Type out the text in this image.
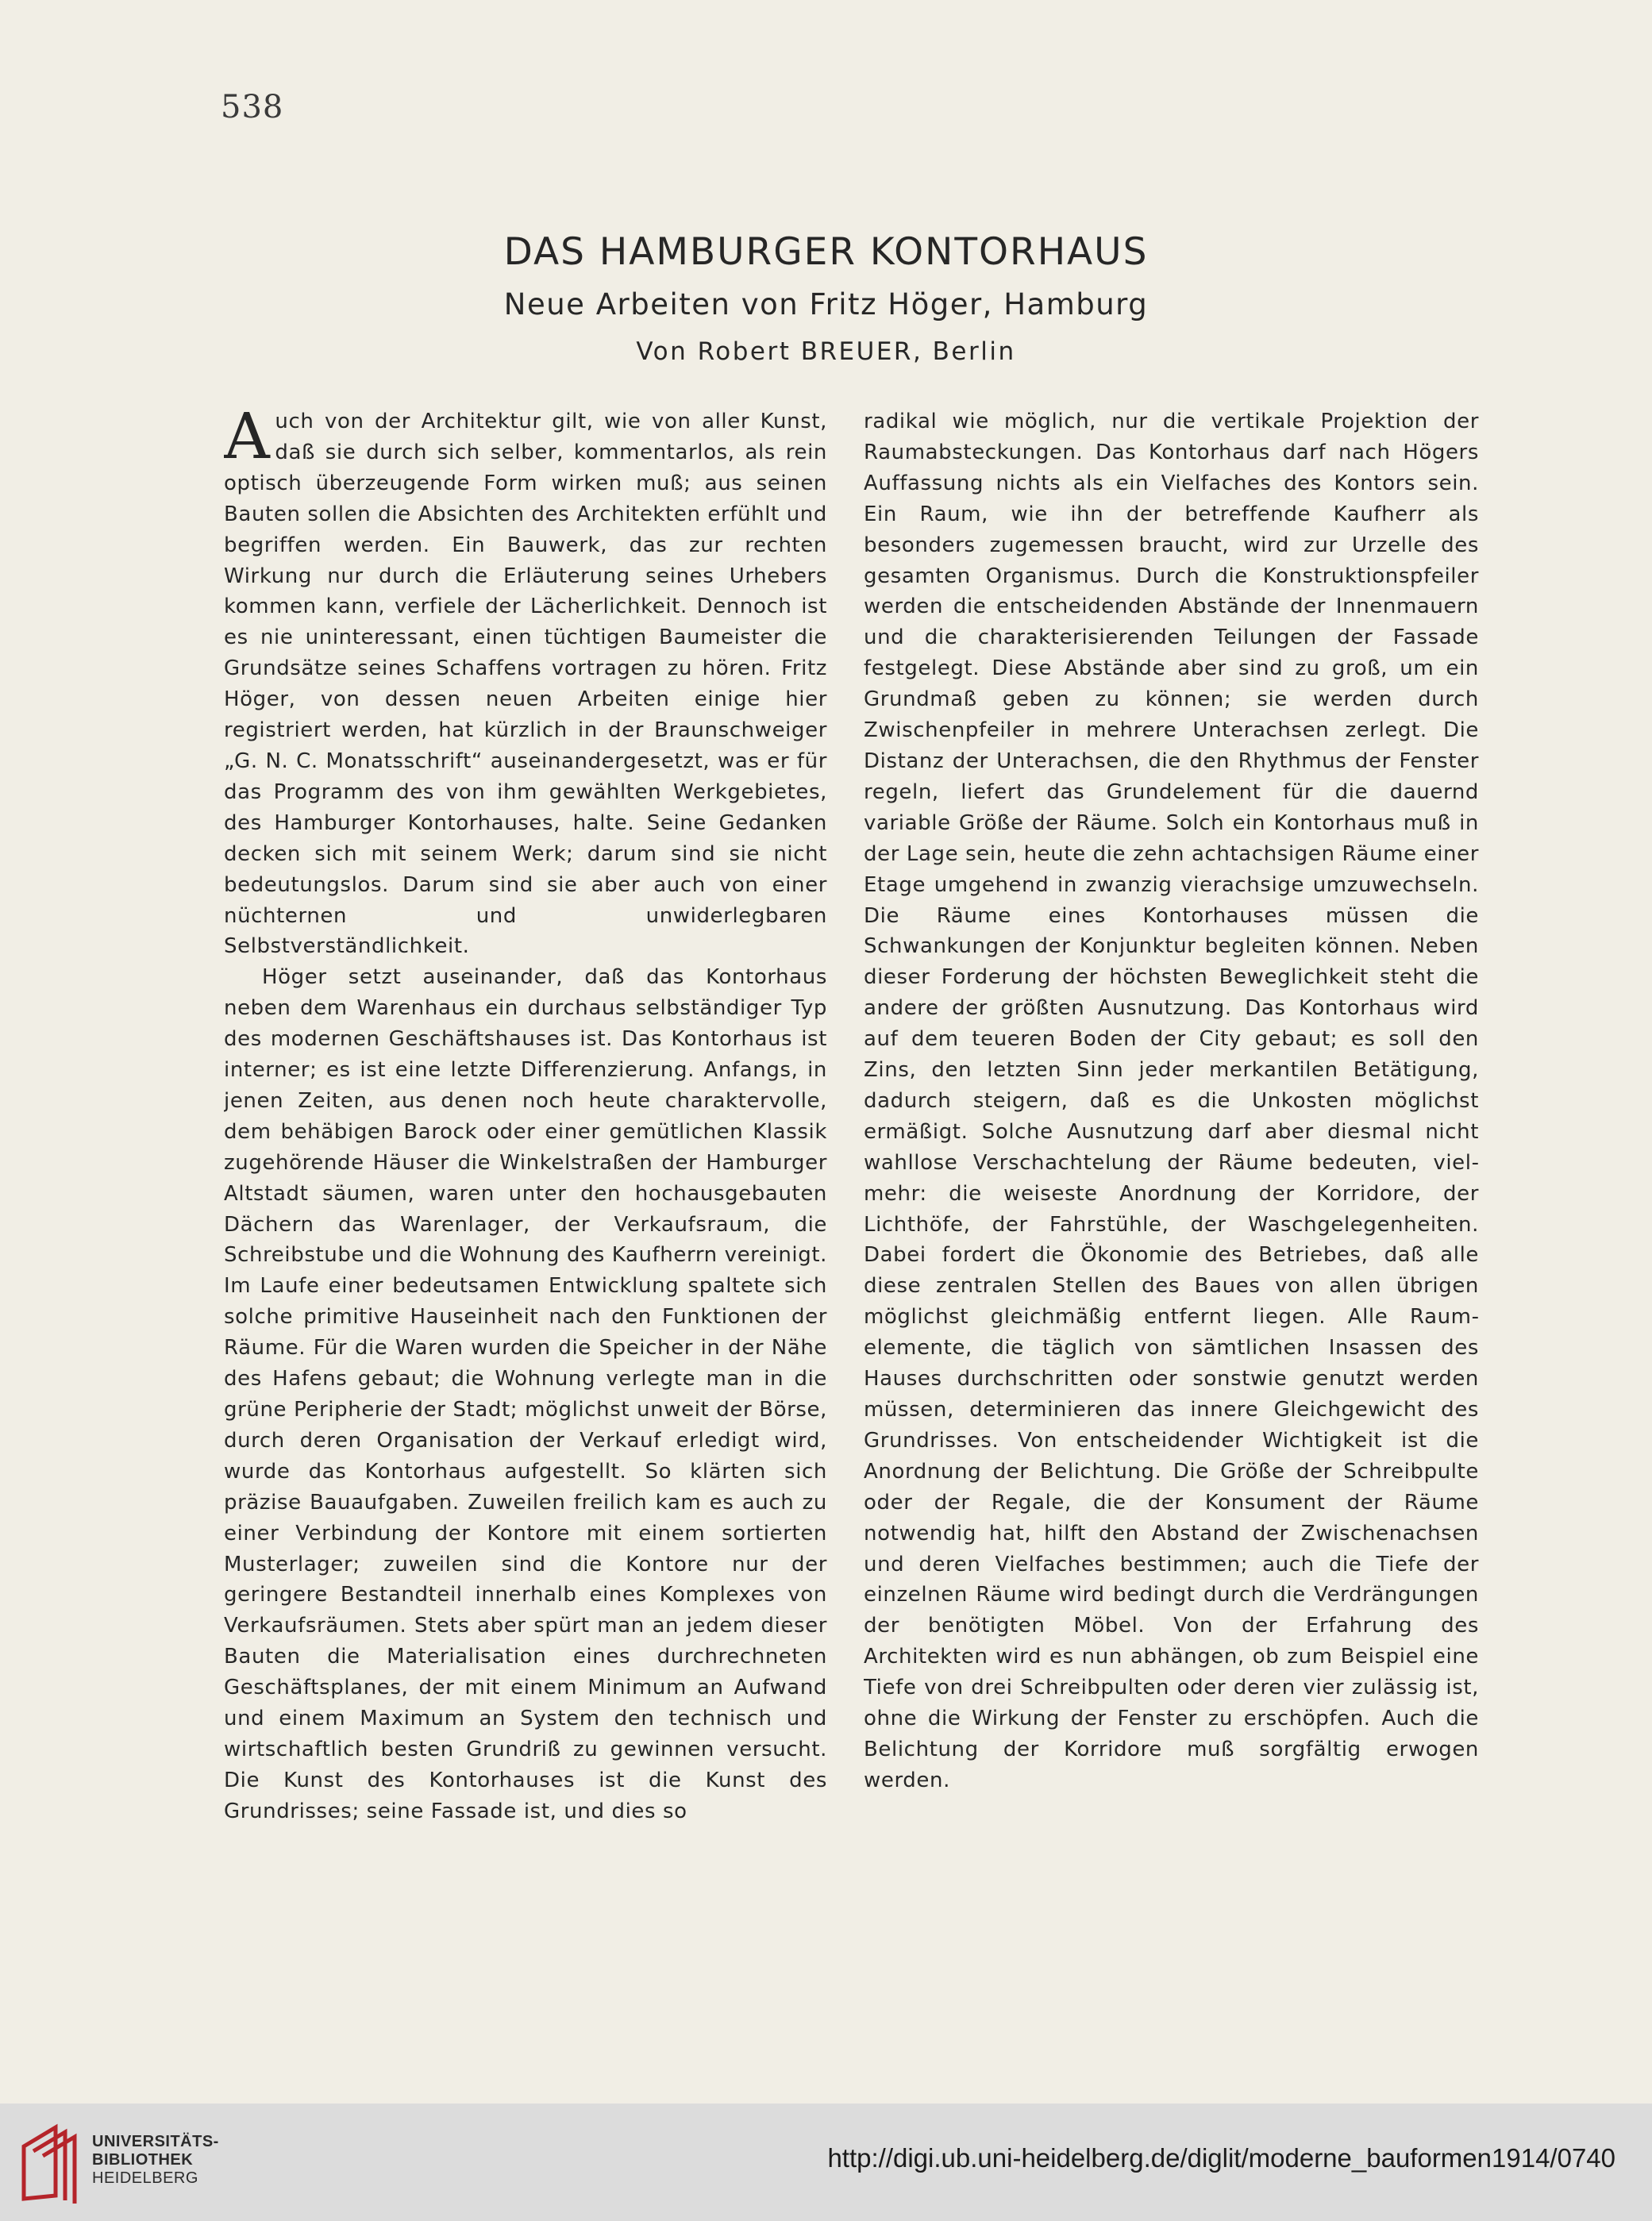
538
DAS HAMBURGER KONTORHAUS
Neue Arbeiten von Fritz Höger, Hamburg
Von Robert BREUER, Berlin

Auch von der Architektur gilt, wie von aller Kunst, daß sie durch sich selber, kommentarlos, als rein optisch überzeugende Form wirken muß; aus seinen Bauten sollen die Absichten des Architekten erfühlt und begriffen werden. Ein Bauwerk, das zur rechten Wirkung nur durch die Erläuterung seines Urhebers kommen kann, verfiele der Lächerlichkeit. Dennoch ist es nie uninteressant, einen tüchtigen Baumeister die Grundsätze seines Schaffens vortragen zu hören. Fritz Höger, von dessen neuen Arbeiten einige hier registriert werden, hat kürzlich in der Braunschweiger „G. N. C. Monatsschrift“ auseinandergesetzt, was er für das Programm des von ihm gewählten Werkgebietes, des Hamburger Kontorhauses, halte. Seine Gedanken decken sich mit seinem Werk; darum sind sie nicht bedeutungslos. Darum sind sie aber auch von einer nüchternen und unwiderlegbaren Selbstverständlichkeit.

Höger setzt auseinander, daß das Kontorhaus neben dem Warenhaus ein durchaus selbständiger Typ des modernen Geschäftshauses ist. Das Kontorhaus ist interner; es ist eine letzte Differenzierung. Anfangs, in jenen Zeiten, aus denen noch heute charaktervolle, dem behäbigen Barock oder einer gemütlichen Klassik zugehörende Häuser die Winkelstraßen der Hamburger Altstadt säumen, waren unter den hochausgebauten Dächern das Warenlager, der Verkaufsraum, die Schreibstube und die Wohnung des Kaufherrn vereinigt. Im Laufe einer bedeutsamen Entwicklung spaltete sich solche primitive Hauseinheit nach den Funktionen der Räume. Für die Waren wurden die Speicher in der Nähe des Hafens gebaut; die Wohnung verlegte man in die grüne Peripherie der Stadt; möglichst unweit der Börse, durch deren Organisation der Verkauf erledigt wird, wurde das Kontorhaus aufgestellt. So klärten sich präzise Bauaufgaben. Zuweilen freilich kam es auch zu einer Verbindung der Kontore mit einem sortierten Musterlager; zuweilen sind die Kontore nur der geringere Bestandteil innerhalb eines Komplexes von Verkaufsräumen. Stets aber spürt man an jedem dieser Bauten die Materialisation eines durchrechneten Geschäftsplanes, der mit einem Minimum an Aufwand und einem Maximum an System den technisch und wirtschaftlich besten Grundriß zu gewinnen versucht. Die Kunst des Kontorhauses ist die Kunst des Grundrisses; seine Fassade ist, und dies so

radikal wie möglich, nur die vertikale Projektion der Raumabsteckungen. Das Kontorhaus darf nach Högers Auffassung nichts als ein Vielfaches des Kontors sein. Ein Raum, wie ihn der betreffende Kaufherr als besonders zugemessen braucht, wird zur Urzelle des gesamten Organismus. Durch die Konstruktionspfeiler werden die entscheidenden Abstände der Innenmauern und die charakterisierenden Teilungen der Fassade festgelegt. Diese Abstände aber sind zu groß, um ein Grundmaß geben zu können; sie werden durch Zwischenpfeiler in mehrere Unterachsen zerlegt. Die Distanz der Unterachsen, die den Rhythmus der Fenster regeln, liefert das Grundelement für die dauernd variable Größe der Räume. Solch ein Kontorhaus muß in der Lage sein, heute die zehn achtachsigen Räume einer Etage umgehend in zwanzig vierachsige umzuwechseln. Die Räume eines Kontorhauses müssen die Schwankungen der Konjunktur begleiten können. Neben dieser Forderung der höchsten Beweglichkeit steht die andere der größten Ausnutzung. Das Kontorhaus wird auf dem teueren Boden der City gebaut; es soll den Zins, den letzten Sinn jeder merkantilen Betätigung, dadurch steigern, daß es die Unkosten möglichst ermäßigt. Solche Ausnutzung darf aber diesmal nicht wahllose Verschachtelung der Räume bedeuten, vielmehr: die weiseste Anordnung der Korridore, der Lichthöfe, der Fahrstühle, der Waschgelegenheiten. Dabei fordert die Ökonomie des Betriebes, daß alle diese zentralen Stellen des Baues von allen übrigen möglichst gleichmäßig entfernt liegen. Alle Raumelemente, die täglich von sämtlichen Insassen des Hauses durchschritten oder sonstwie genutzt werden müssen, determinieren das innere Gleichgewicht des Grundrisses. Von entscheidender Wichtigkeit ist die Anordnung der Belichtung. Die Größe der Schreibpulte oder der Regale, die der Konsument der Räume notwendig hat, hilft den Abstand der Zwischenachsen und deren Vielfaches bestimmen; auch die Tiefe der einzelnen Räume wird bedingt durch die Verdrängungen der benötigten Möbel. Von der Erfahrung des Architekten wird es nun abhängen, ob zum Beispiel eine Tiefe von drei Schreibpulten oder deren vier zulässig ist, ohne die Wirkung der Fenster zu erschöpfen. Auch die Belichtung der Korridore muß sorgfältig erwogen werden.

UNIVERSITÄTS-
BIBLIOTHEK
HEIDELBERG
http://digi.ub.uni-heidelberg.de/diglit/moderne_bauformen1914/0740
